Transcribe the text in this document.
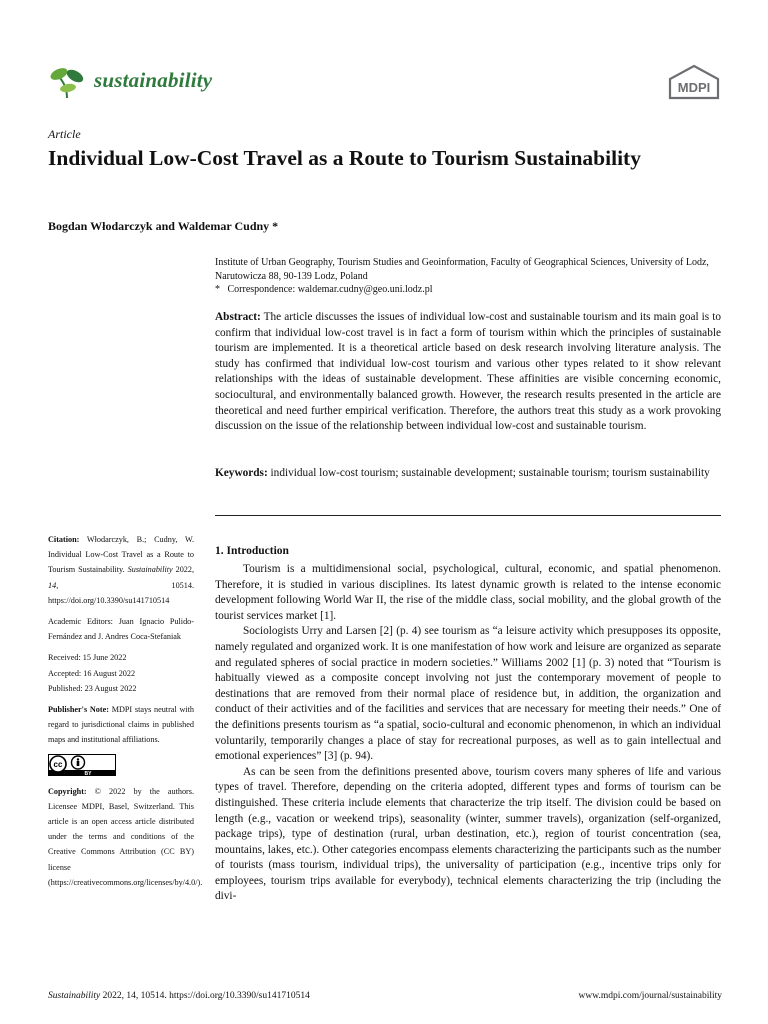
sustainability	MDPI
Article
Individual Low-Cost Travel as a Route to Tourism Sustainability
Bogdan Włodarczyk and Waldemar Cudny *

Institute of Urban Geography, Tourism Studies and Geoinformation, Faculty of Geographical Sciences, University of Lodz, Narutowicza 88, 90-139 Lodz, Poland

* Correspondence: waldemar.cudny@geo.uni.lodz.pl

Abstract: The article discusses the issues of individual low-cost and sustainable tourism and its main goal is to confirm that individual low-cost travel is in fact a form of tourism within which the principles of sustainable tourism are implemented. It is a theoretical article based on desk research involving literature analysis. The study has confirmed that individual low-cost tourism and various other types related to it show relevant relationships with the ideas of sustainable development. These affinities are visible concerning economic, sociocultural, and environmentally balanced growth. However, the research results presented in the article are theoretical and need further empirical verification. Therefore, the authors treat this study as a work provoking discussion on the issue of the relationship between individual low-cost and sustainable tourism.

Keywords: individual low-cost tourism; sustainable development; sustainable tourism; tourism sustainability

Citation: Włodarczyk, B.; Cudny, W. Individual Low-Cost Travel as a Route to Tourism Sustainability. Sustainability 2022, 14, 10514. https://doi.org/10.3390/su141710514

Academic Editors: Juan Ignacio Pulido-Fernández and J. Andres Coca-Stefaniak

Received: 15 June 2022
Accepted: 16 August 2022
Published: 23 August 2022

Publisher's Note: MDPI stays neutral with regard to jurisdictional claims in published maps and institutional affiliations.

cc
BY

Copyright: © 2022 by the authors. Licensee MDPI, Basel, Switzerland. This article is an open access article distributed under the terms and conditions of the Creative Commons Attribution (CC BY) license (https://creativecommons.org/licenses/by/4.0/).

1. Introduction

Tourism is a multidimensional social, psychological, cultural, economic, and spatial phenomenon. Therefore, it is studied in various disciplines. Its latest dynamic growth is related to the intense economic development following World War II, the rise of the middle class, social mobility, and the global growth of the tourist services market [1].

Sociologists Urry and Larsen [2] (p. 4) see tourism as “a leisure activity which presupposes its opposite, namely regulated and organized work. It is one manifestation of how work and leisure are organized as separate and regulated spheres of social practice in modern societies.” Williams 2002 [1] (p. 3) noted that “Tourism is habitually viewed as a composite concept involving not just the contemporary movement of people to destinations that are removed from their normal place of residence but, in addition, the organization and conduct of their activities and of the facilities and services that are necessary for meeting their needs.” One of the definitions presents tourism as “a spatial, socio-cultural and economic phenomenon, in which an individual voluntarily, temporarily changes a place of stay for recreational purposes, as well as to gain intellectual and emotional experiences” [3] (p. 94).

As can be seen from the definitions presented above, tourism covers many spheres of life and various types of travel. Therefore, depending on the criteria adopted, different types and forms of tourism can be distinguished. These criteria include elements that characterize the trip itself. The division could be based on length (e.g., vacation or weekend trips), seasonality (winter, summer travels), organization (self-organized, package trips), type of destination (rural, urban destination, etc.), region of tourist concentration (sea, mountains, lakes, etc.). Other categories encompass elements characterizing the participants such as the number of tourists (mass tourism, individual trips), the universality of participation (e.g., incentive trips only for employees, tourism trips available for everybody), technical elements characterizing the trip (including the divi-

Sustainability 2022, 14, 10514. https://doi.org/10.3390/su141710514	www.mdpi.com/journal/sustainability
